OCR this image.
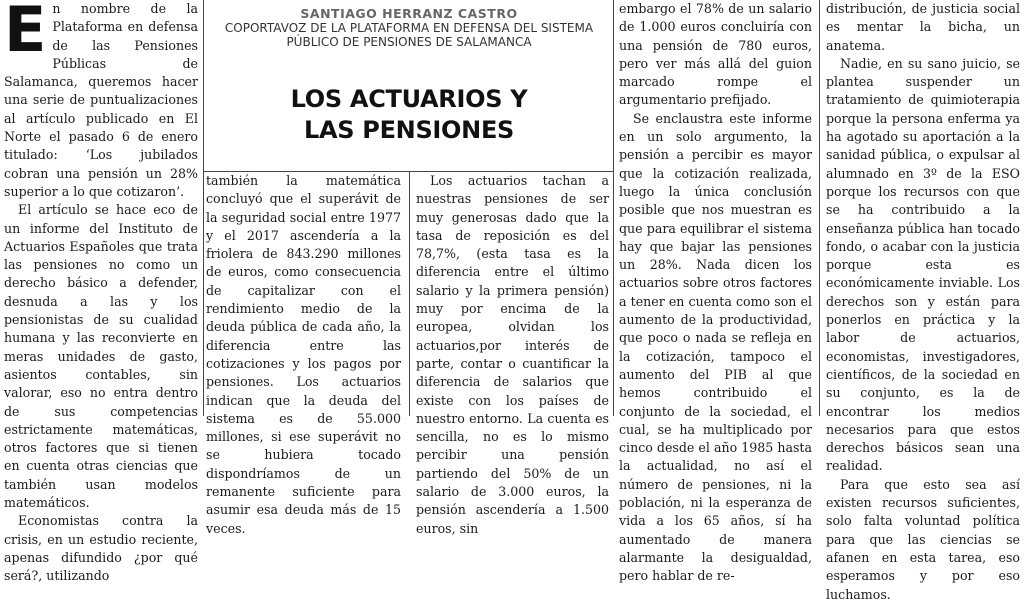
E n nombre de la Plataforma en defensa de las Pensiones Públicas de Salamanca, queremos hacer una serie de puntualizaciones al artículo publicado en El Norte el pasado 6 de enero titulado: ‘Los jubilados cobran una pensión un 28% superior a lo que cotizaron’.

El artículo se hace eco de un informe del Instituto de Actuarios Españoles que trata las pensiones no como un derecho básico a defender, desnuda a las y los pensionistas de su cualidad humana y las reconvierte en meras unidades de gasto, asientos contables, sin valorar, eso no entra dentro de sus competencias estrictamente matemáticas, otros factores que si tienen en cuenta otras ciencias que también usan modelos matemáticos.

Economistas contra la crisis, en un estudio reciente, apenas difundido ¿por qué será?, utilizando

SANTIAGO HERRANZ CASTRO
COPORTAVOZ DE LA PLATAFORMA EN DEFENSA DEL SISTEMA
PÚBLICO DE PENSIONES DE SALAMANCA
LOS ACTUARIOS Y
LAS PENSIONES

también la matemática concluyó que el superávit de la seguridad social entre 1977 y el 2017 ascendería a la friolera de 843.290 millones de euros, como consecuencia de capitalizar con el rendimiento medio de la deuda pública de cada año, la diferencia entre las cotizaciones y los pagos por pensiones. Los actuarios indican que la deuda del sistema es de 55.000 millones, si ese superávit no se hubiera tocado dispondríamos de un remanente suficiente para asumir esa deuda más de 15 veces.

Los actuarios tachan a nuestras pensiones de ser muy generosas dado que la tasa de reposición es del 78,7%, (esta tasa es la diferencia entre el último salario y la primera pensión) muy por encima de la europea, olvidan los actuarios,por interés de parte, contar o cuantificar la diferencia de salarios que existe con los países de nuestro entorno. La cuenta es sencilla, no es lo mismo percibir una pensión partiendo del 50% de un salario de 3.000 euros, la pensión ascendería a 1.500 euros, sin

embargo el 78% de un salario de 1.000 euros concluiría con una pensión de 780 euros, pero ver más allá del guion marcado rompe el argumentario prefijado.

Se enclaustra este informe en un solo argumento, la pensión a percibir es mayor que la cotización realizada, luego la única conclusión posible que nos muestran es que para equilibrar el sistema hay que bajar las pensiones un 28%. Nada dicen los actuarios sobre otros factores a tener en cuenta como son el aumento de la productividad, que poco o nada se refleja en la cotización, tampoco el aumento del PIB al que hemos contribuido el conjunto de la sociedad, el cual, se ha multiplicado por cinco desde el año 1985 hasta la actualidad, no así el número de pensiones, ni la población, ni la esperanza de vida a los 65 años, sí ha aumentado de manera alarmante la desigualdad, pero hablar de re-

distribución, de justicia social es mentar la bicha, un anatema.

Nadie, en su sano juicio, se plantea suspender un tratamiento de quimioterapia porque la persona enferma ya ha agotado su aportación a la sanidad pública, o expulsar al alumnado en 3º de la ESO porque los recursos con que se ha contribuido a la enseñanza pública han tocado fondo, o acabar con la justicia porque esta es económicamente inviable. Los derechos son y están para ponerlos en práctica y la labor de actuarios, economistas, investigadores, científicos, de la sociedad en su conjunto, es la de encontrar los medios necesarios para que estos derechos básicos sean una realidad.

Para que esto sea así existen recursos suficientes, solo falta voluntad política para que las ciencias se afanen en esta tarea, eso esperamos y por eso luchamos.
